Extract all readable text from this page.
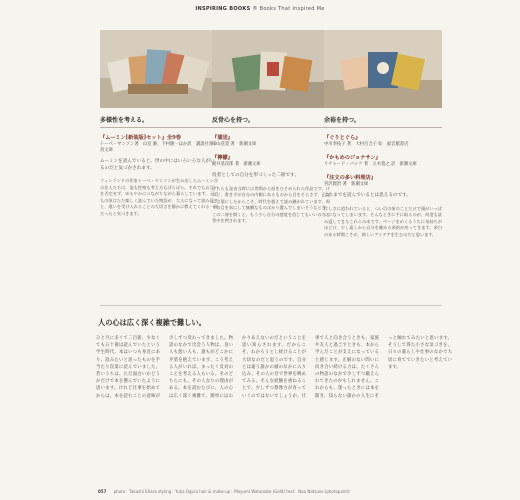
INSPIRING BOOKS ® Books That Inspired Me
多様性を考える。
『ムーミン[新装版]セット』全9巻
トーベ・ヤンソン著　山室 静、下村隆一ほか訳　講談社青い鳥文庫
ムーミンを読んでいると、世の中にはいろいろな人がいるのだと気づかされます。
フィンランドの作家トーベ・ヤンソンが生み出したムーミン谷の住人たちは、姿も性格も考え方もばらばら。それでもお互いを否定せず、ゆるやかにつながりながら暮らしています。子どもの頃はただ楽しく読んでいた物語が、大人になって読み返すと、違いを受け入れることの大切さを静かに教えてくれる一冊だったと気づきます。
反骨心を持つ。
『蒲団』
田山花袋 著　新潮文庫
『檸檬』
梶井基次郎 著　新潮文庫
投者としての自分を形づくった二冊です。
どちらも発表当時には世間から眉をひそめられた作品です。けれど、書き手が自分の内側にあるものから目をそらさず、正直に言葉にしたからこそ、時代を超えて読み継がれています。周りの目を気にして無難なものばかり選んでしまいそうなとき、この二冊を開くと、もう少し自分の感覚を信じてもいいのだと背中を押されます。
余裕を持つ。
『ぐりとぐら』
中川李枝子 著　大村百合子 絵　福音館書店
『かもめのジョナサン』
リチャード・バック 著　五木寛之 訳　新潮文庫
『注文の多い料理店』
宮沢賢治 著　新潮文庫
これまでを読んでいるとは思えるのです。
忙しさに追われていると、つい目の前のことだけで頭がいっぱいになってしまいます。そんなときに手に取るのが、何度も読み返してきたこれらの本です。ページをめくるうちに気持ちがほどけ、少し遠くから自分を眺める余裕が戻ってきます。余白のある時間こそが、新しいアイデアを生むのだと思います。
人の心は広く深く複雑で難しい。
ひと月に多くて二百冊、少なくても五十冊は読んでいたという学生時代。本はいつも身近にあり、読みたいと思ったものを手当たり次第に読んでいました。若いうちは、ただ面白いかどうかだけで本を選んでいたように思います。けれど仕事を始めてからは、本を読むことの意味が少しずつ変わってきました。物語のなかで出会う人物は、良い人も悪い人も、誰もがどこかに矛盾を抱えています。こう考える人がいれば、まったく反対のことを考える人もいる。そのどちらにも、その人なりの理由がある。本を読むたびに、人の心は広く深く複雑で、簡単にはわかりあえないのだということを思い知らされます。だからこそ、わかろうとし続けることが大切なのだと思うのです。自分とは違う誰かの頭のなかに入り込み、その人の目で世界を眺めてみる。そんな経験を重ねることで、少しずつ想像力が育っていくのではないでしょうか。仕事で人と向き合うときも、家族や友人と過ごすときも、本から学んだことが支えになっていると感じます。正解のない問いに向き合い続ける力は、たくさんの物語のなかで少しずつ鍛えられてきたのかもしれません。これからも、迷ったときには本を開き、知らない誰かの人生にそっと触れてみたいと思います。そうして得た小さな気づきを、日々の暮らしや仕事のなかで大切に育てていきたいと考えています。
057 photo：Takashi Ehara styling：Yuka Oguro hair & make-up：Mayumi Watanabe (Gold) text：Nao Natsuse (photopoint)
